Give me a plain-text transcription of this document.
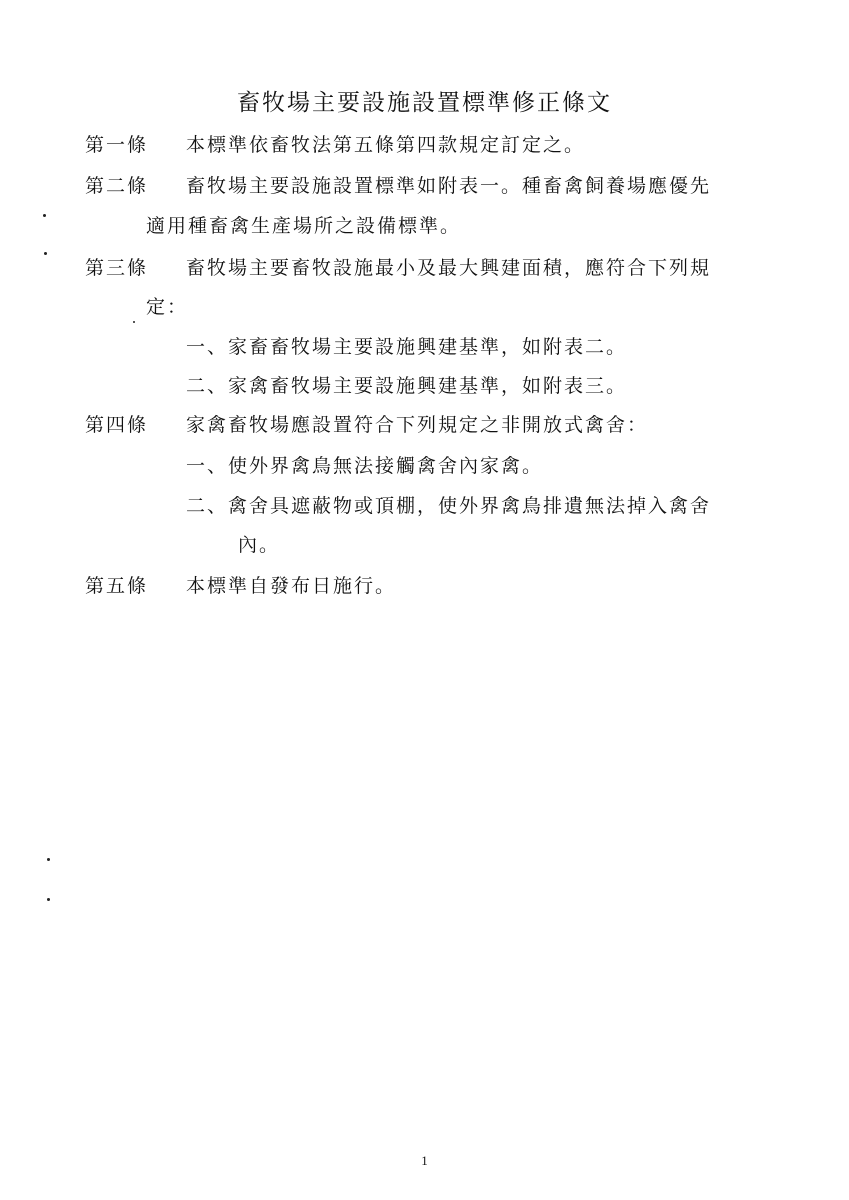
畜牧場主要設施設置標準修正條文
第一條 本標準依畜牧法第五條第四款規定訂定之。
第二條 畜牧場主要設施設置標準如附表一。種畜禽飼養場應優先
適用種畜禽生產場所之設備標準。
第三條 畜牧場主要畜牧設施最小及最大興建面積，應符合下列規
定：
一、家畜畜牧場主要設施興建基準，如附表二。
二、家禽畜牧場主要設施興建基準，如附表三。
第四條 家禽畜牧場應設置符合下列規定之非開放式禽舍：
一、使外界禽鳥無法接觸禽舍內家禽。
二、禽舍具遮蔽物或頂棚，使外界禽鳥排遺無法掉入禽舍
內。
第五條 本標準自發布日施行。
1
